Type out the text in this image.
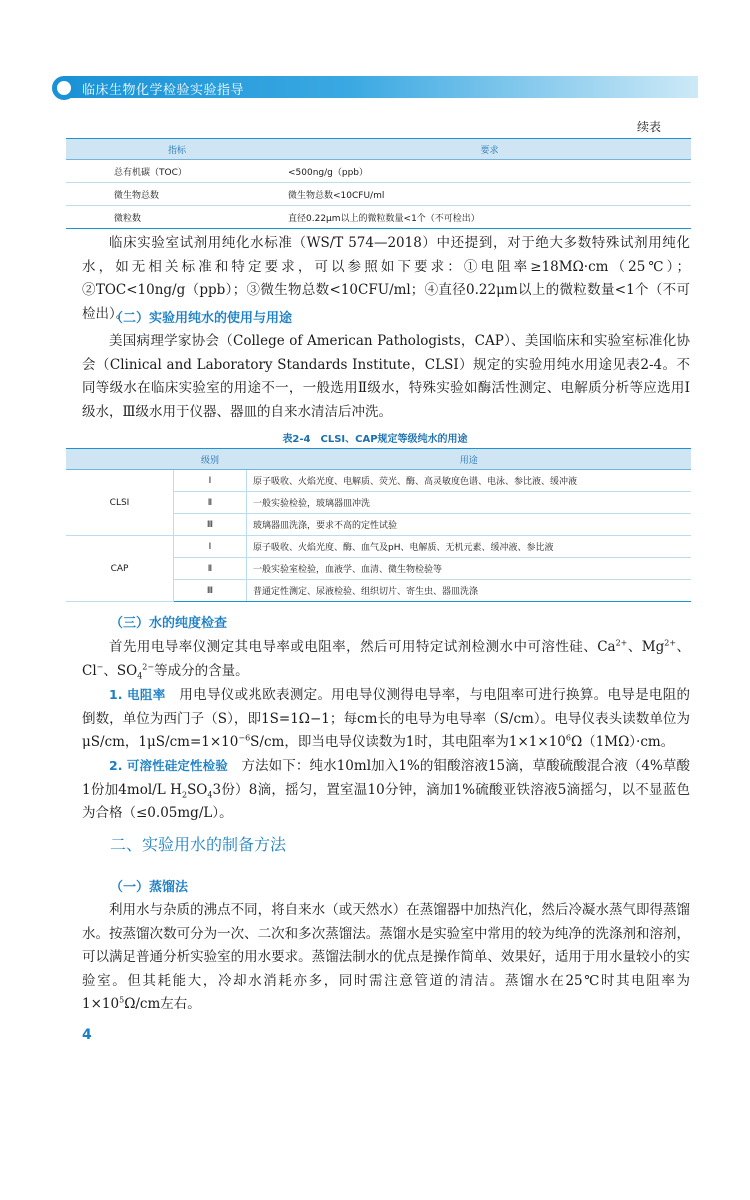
临床生物化学检验实验指导
续表
指标	要求
总有机碳（TOC）	<500ng/g（ppb）
微生物总数	微生物总数<10CFU/ml
微粒数	直径0.22μm以上的微粒数量<1个（不可检出）
临床实验室试剂用纯化水标准（WS/T 574—2018）中还提到，对于绝大多数特殊试剂用纯化水，如无相关标准和特定要求，可以参照如下要求：①电阻率≥18MΩ·cm（25℃）；②TOC<10ng/g（ppb）；③微生物总数<10CFU/ml；④直径0.22μm以上的微粒数量<1个（不可检出）。
（二）实验用纯水的使用与用途
美国病理学家协会（College of American Pathologists，CAP）、美国临床和实验室标准化协会（Clinical and Laboratory Standards Institute，CLSI）规定的实验用纯水用途见表2-4。不同等级水在临床实验室的用途不一，一般选用Ⅱ级水，特殊实验如酶活性测定、电解质分析等应选用Ⅰ级水，Ⅲ级水用于仪器、器皿的自来水清洁后冲洗。
表2-4　CLSI、CAP规定等级纯水的用途
	级别	用途
CLSI	Ⅰ	原子吸收、火焰光度、电解质、荧光、酶、高灵敏度色谱、电泳、参比液、缓冲液
	Ⅱ	一般实验检验，玻璃器皿冲洗
	Ⅲ	玻璃器皿洗涤，要求不高的定性试验
CAP	Ⅰ	原子吸收、火焰光度、酶、血气及pH、电解质、无机元素、缓冲液、参比液
	Ⅱ	一般实验室检验，血液学、血清、微生物检验等
	Ⅲ	普通定性测定、尿液检验、组织切片、寄生虫、器皿洗涤
（三）水的纯度检查
首先用电导率仪测定其电导率或电阻率，然后可用特定试剂检测水中可溶性硅、$Ca^{2+}$、$Mg^{2+}$、Cl−、$SO_4^{2-}$等成分的含量。
1. 电阻率　 用电导仪或兆欧表测定。用电导仪测得电导率，与电阻率可进行换算。电导是电阻的倒数，单位为西门子（S），即1S=1Ω−1；每cm长的电导为电导率（S/cm）。电导仪表头读数单位为μS/cm，$1\mu S/cm=1\times 10^{-6}S/cm$，即当电导仪读数为1时，其电阻率为$1\times 1\times 10^6\Omega(1M\Omega)\cdot cm$。
2. 可溶性硅定性检验　 方法如下：纯水10ml加入1%的钼酸溶液15滴，草酸硫酸混合液（4%草酸1份加4mol/L $H_2SO_43$份）8滴，摇匀，置室温10分钟，滴加1%硫酸亚铁溶液5滴摇匀，以不显蓝色为合格（≤0.05mg/L）。
二、实验用水的制备方法
（一）蒸馏法
利用水与杂质的沸点不同，将自来水（或天然水）在蒸馏器中加热汽化，然后冷凝水蒸气即得蒸馏水。按蒸馏次数可分为一次、二次和多次蒸馏法。蒸馏水是实验室中常用的较为纯净的洗涤剂和溶剂，可以满足普通分析实验室的用水要求。蒸馏法制水的优点是操作简单、效果好，适用于用水量较小的实验室。但其耗能大，冷却水消耗亦多，同时需注意管道的清洁。蒸馏水在25℃时其电阻率为$1\times 10^5\Omega/cm$左右。
4
